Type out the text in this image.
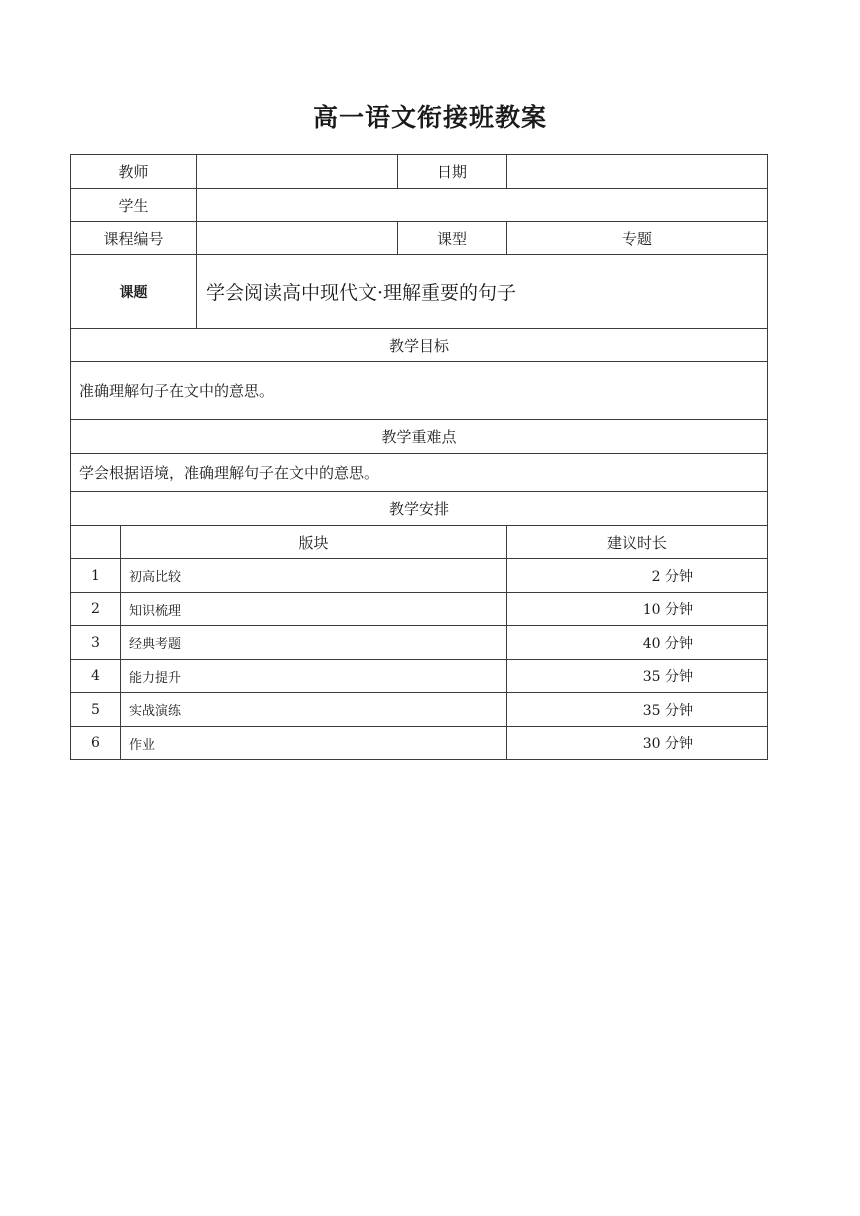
高一语文衔接班教案
教师			日期	
学生				
课程编号			课型	专题
课题		学会阅读高中现代文·理解重要的句子		
教学目标				
准确理解句子在文中的意思。				
教学重难点				
学会根据语境，准确理解句子在文中的意思。				
教学安排				
	版块			建议时长
1	初高比较			2 分钟
2	知识梳理			10 分钟
3	经典考题			40 分钟
4	能力提升			35 分钟
5	实战演练			35 分钟
6	作业			30 分钟
